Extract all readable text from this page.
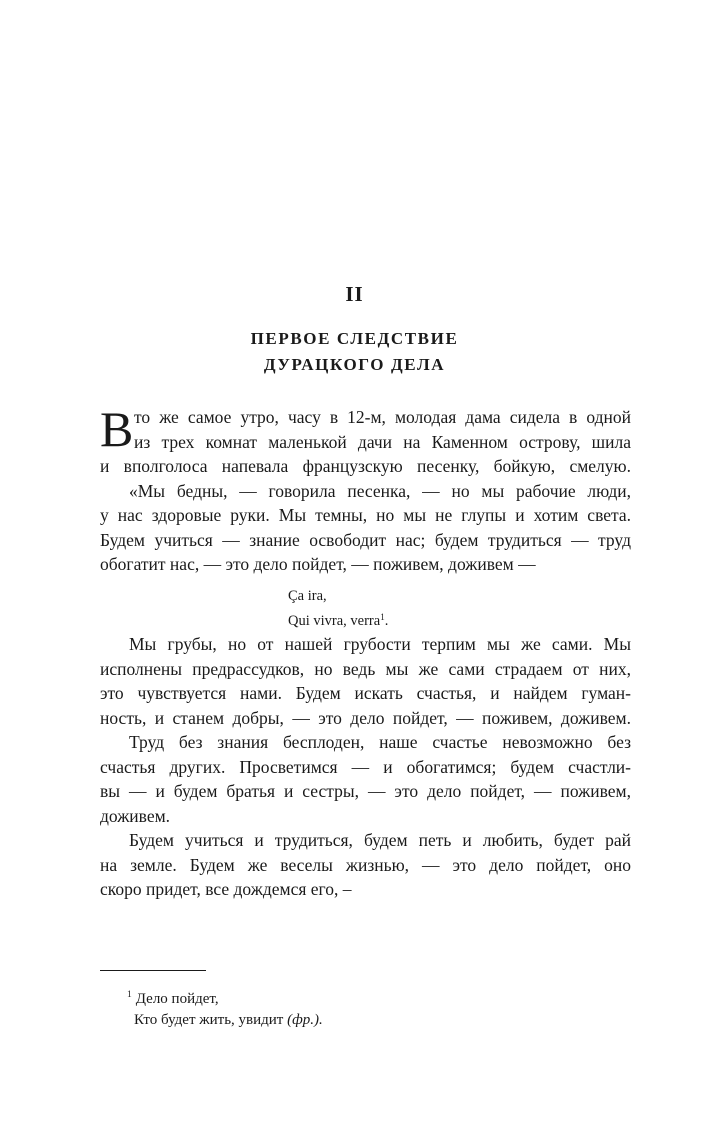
II
ПЕРВОЕ СЛЕДСТВИЕ
ДУРАЦКОГО ДЕЛА
В то же самое утро, часу в 12-м, молодая дама сидела в одной
из трех комнат маленькой дачи на Каменном острову, шила
и вполголоса напевала французскую песенку, бойкую, смелую.
«Мы бедны, — говорила песенка, — но мы рабочие люди,
у нас здоровые руки. Мы темны, но мы не глупы и хотим света.
Будем учиться — знание освободит нас; будем трудиться — труд
обогатит нас, — это дело пойдет, — поживем, доживем —
Ça ira,
Qui vivra, verra$^1$.
Мы грубы, но от нашей грубости терпим мы же сами. Мы
исполнены предрассудков, но ведь мы же сами страдаем от них,
это чувствуется нами. Будем искать счастья, и найдем гуман-
ность, и станем добры, — это дело пойдет, — поживем, доживем.
Труд без знания бесплоден, наше счастье невозможно без
счастья других. Просветимся — и обогатимся; будем счастли-
вы — и будем братья и сестры, — это дело пойдет, — поживем,
доживем.
Будем учиться и трудиться, будем петь и любить, будет рай
на земле. Будем же веселы жизнью, — это дело пойдет, оно
скоро придет, все дождемся его, –
$^1$ Дело пойдет,
Кто будет жить, увидит (фр.).
